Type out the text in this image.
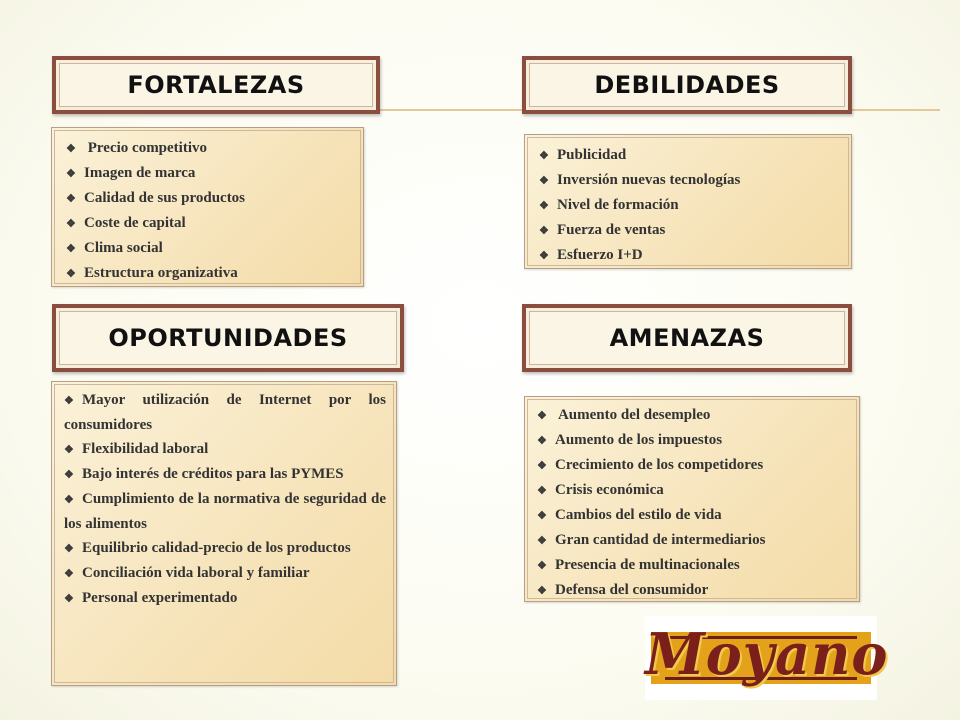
FORTALEZAS
❖ Precio competitivo
❖Imagen de marca
❖Calidad de sus productos
❖Coste de capital
❖Clima social
❖Estructura organizativa
DEBILIDADES
❖Publicidad
❖Inversión nuevas tecnologías
❖Nivel de formación
❖Fuerza de ventas
❖Esfuerzo I+D
OPORTUNIDADES
❖Mayor utilización de Internet por los consumidores
❖Flexibilidad laboral
❖Bajo interés de créditos para las PYMES
❖Cumplimiento de la normativa de seguridad de los alimentos
❖Equilibrio calidad-precio de los productos
❖Conciliación vida laboral y familiar
❖Personal experimentado
AMENAZAS
❖ Aumento del desempleo
❖Aumento de los impuestos
❖Crecimiento de los competidores
❖Crisis económica
❖Cambios del estilo de vida
❖Gran cantidad de intermediarios
❖Presencia de multinacionales
❖Defensa del consumidor
Moyano
